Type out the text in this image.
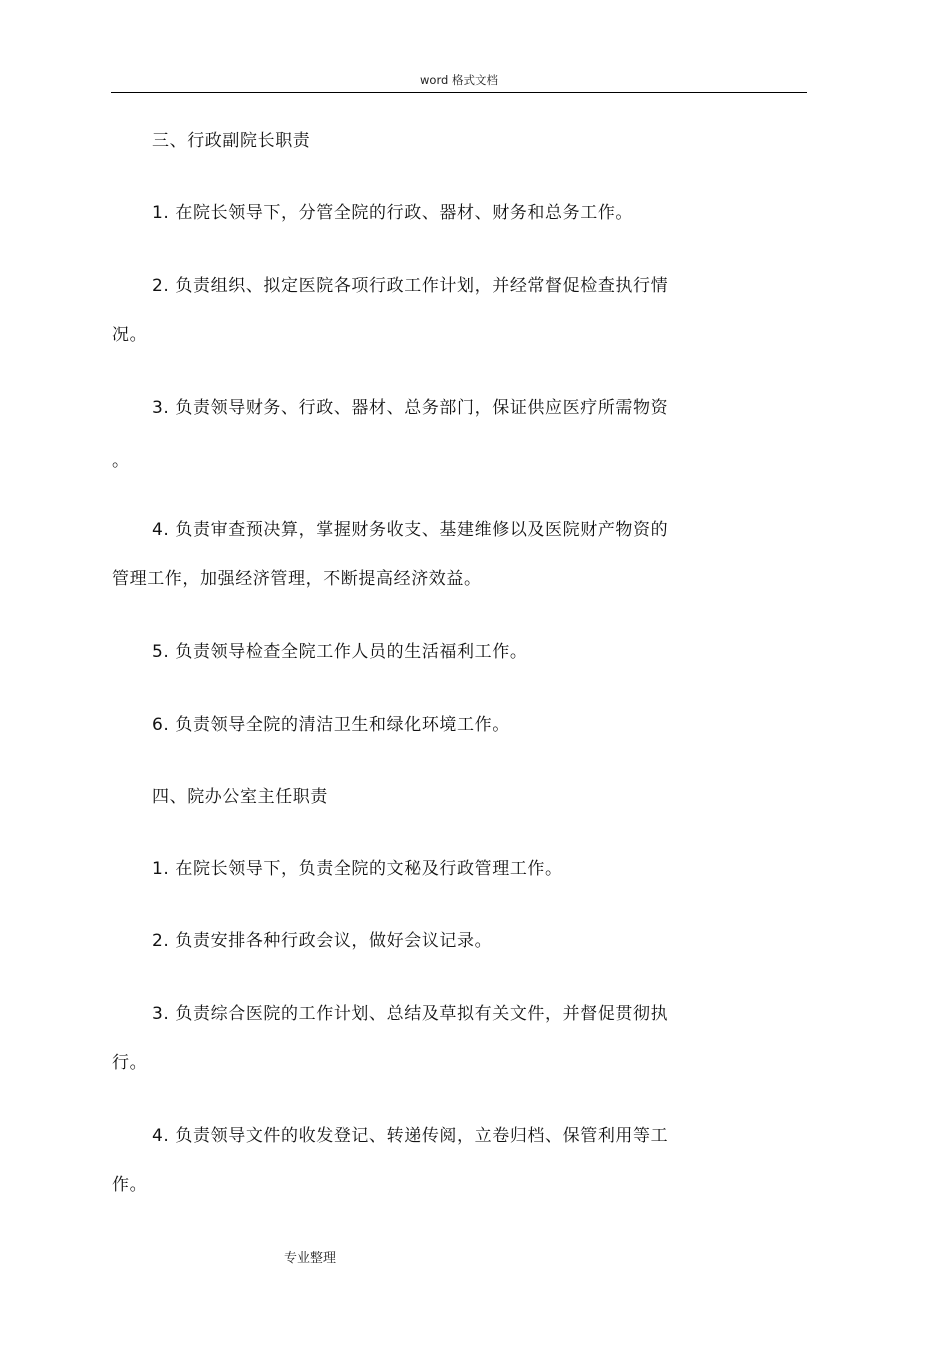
word 格式文档
三、行政副院长职责
1. 在院长领导下，分管全院的行政、器材、财务和总务工作。
2. 负责组织、拟定医院各项行政工作计划，并经常督促检查执行情
况。
3. 负责领导财务、行政、器材、总务部门，保证供应医疗所需物资
。
4. 负责审查预决算，掌握财务收支、基建维修以及医院财产物资的
管理工作，加强经济管理，不断提高经济效益。
5. 负责领导检查全院工作人员的生活福利工作。
6. 负责领导全院的清洁卫生和绿化环境工作。
四、院办公室主任职责
1. 在院长领导下，负责全院的文秘及行政管理工作。
2. 负责安排各种行政会议，做好会议记录。
3. 负责综合医院的工作计划、总结及草拟有关文件，并督促贯彻执
行。
4. 负责领导文件的收发登记、转递传阅，立卷归档、保管利用等工
作。
专业整理
